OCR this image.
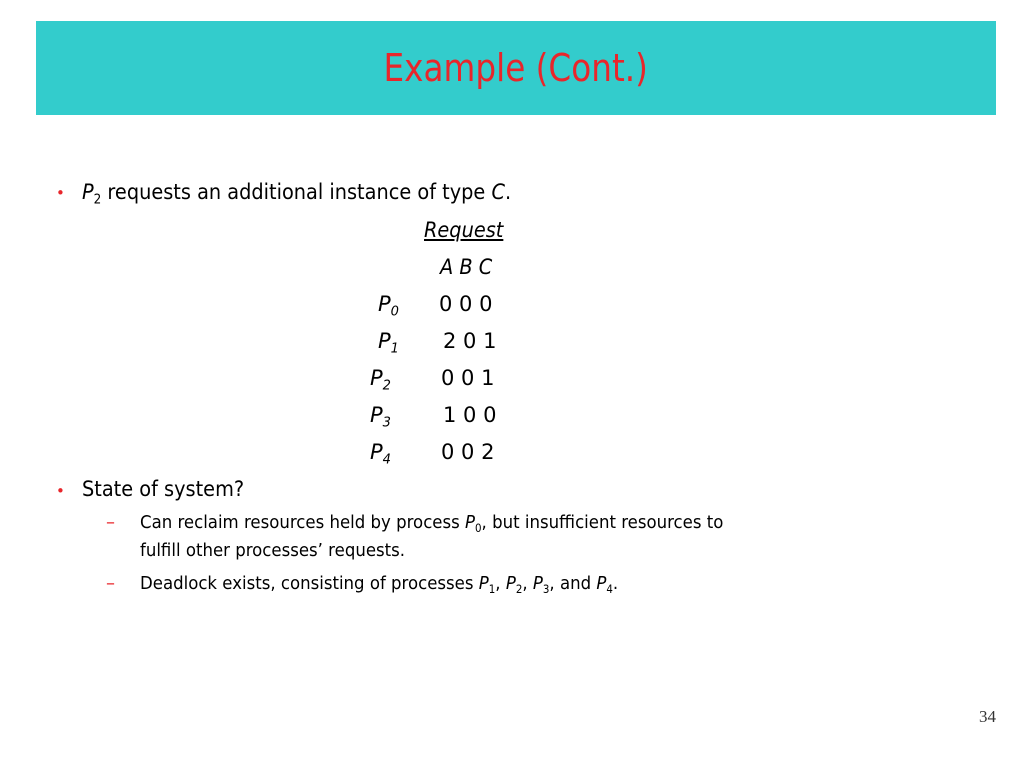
Example (Cont.)
• $P_2$ requests an additional instance of type C.
Request
A B C
$P_0$ 0 0 0
$P_1$ 2 0 1
$P_2$ 0 0 1
$P_3$ 1 0 0
$P_4$ 0 0 2
• State of system?
– Can reclaim resources held by process $P_0$, but insufficient resources to
fulfill other processes’ requests.
– Deadlock exists, consisting of processes $P_1$, $P_2$, $P_3$, and $P_4$.
34
